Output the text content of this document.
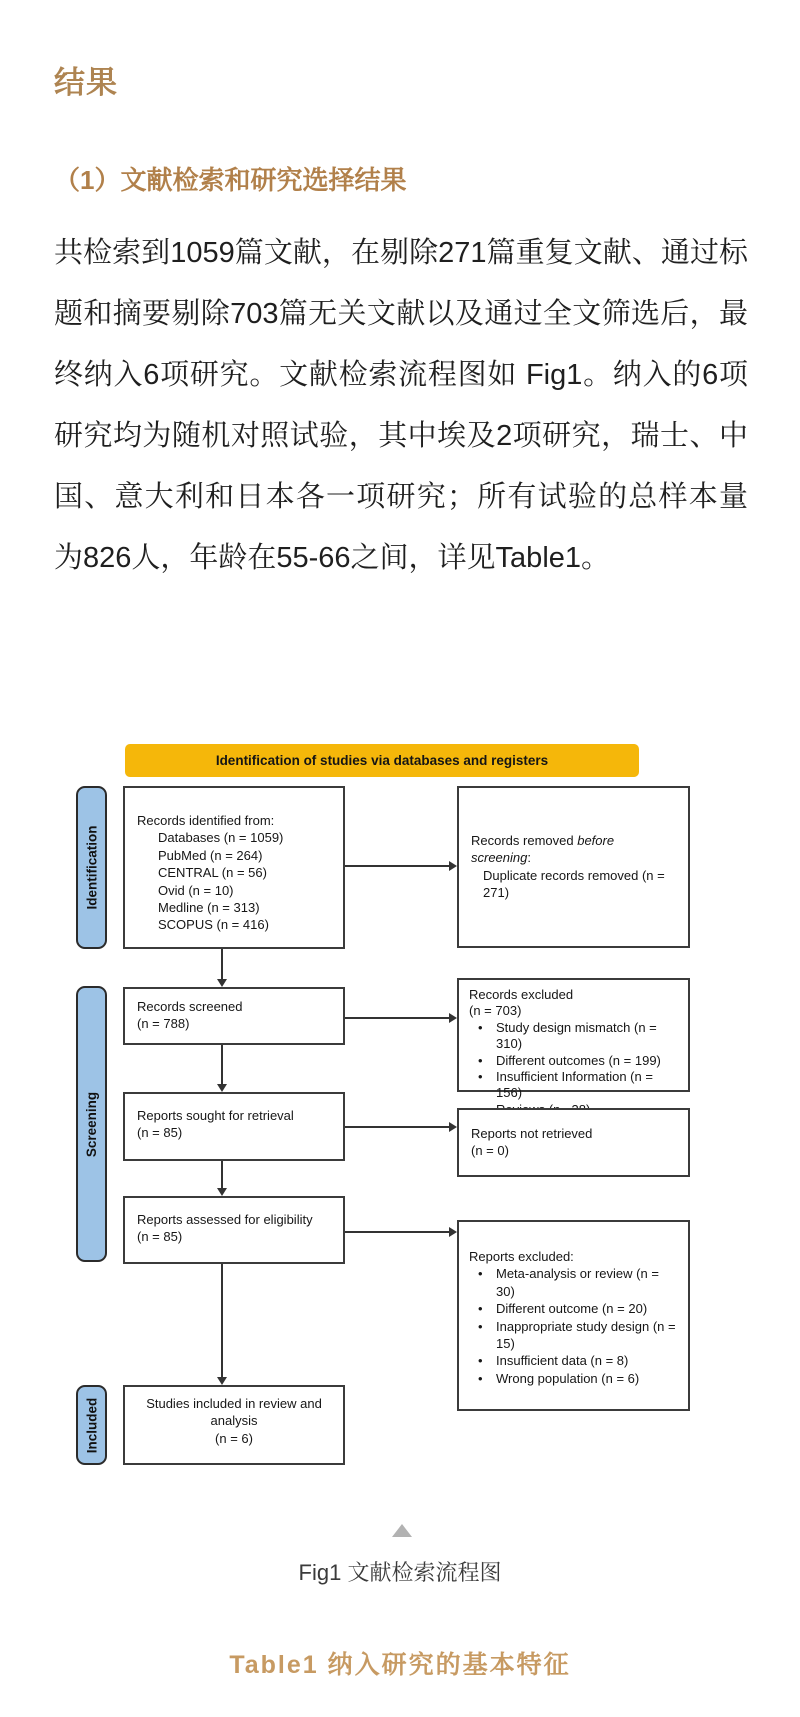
结果
（1）文献检索和研究选择结果

共检索到1059篇文献，在剔除271篇重复文献、通过标题和摘要剔除703篇无关文献以及通过全文筛选后，最终纳入6项研究。文献检索流程图如 Fig1。纳入的6项研究均为随机对照试验，其中埃及2项研究，瑞士、中国、意大利和日本各一项研究；所有试验的总样本量为826人，年龄在55-66之间，详见Table1。

Identification of studies via databases and registers
Identification
Screening
Included
Records identified from:
Databases (n = 1059)
PubMed (n = 264)
CENTRAL (n = 56)
Ovid (n = 10)
Medline (n = 313)
SCOPUS (n = 416)
Records removed before screening:
Duplicate records removed (n = 271)
Records screened
(n = 788)
Records excluded
(n = 703)
•	Study design mismatch (n = 310)
•	Different outcomes (n = 199)
•	Insufficient Information (n = 156)
Reports sought for retrieval
(n = 85)	Reports not retrieved
(n = 0)
Reports assessed for eligibility
(n = 85)
Reports excluded:
•	Meta-analysis or review (n = 30)
•	Different outcome (n = 20)
•	Inappropriate study design (n = 15)
•	Insufficient data (n = 8)
•	Wrong population (n = 6)
Studies included in review and
analysis
(n = 6)
Fig1 文献检索流程图
Table1 纳入研究的基本特征
